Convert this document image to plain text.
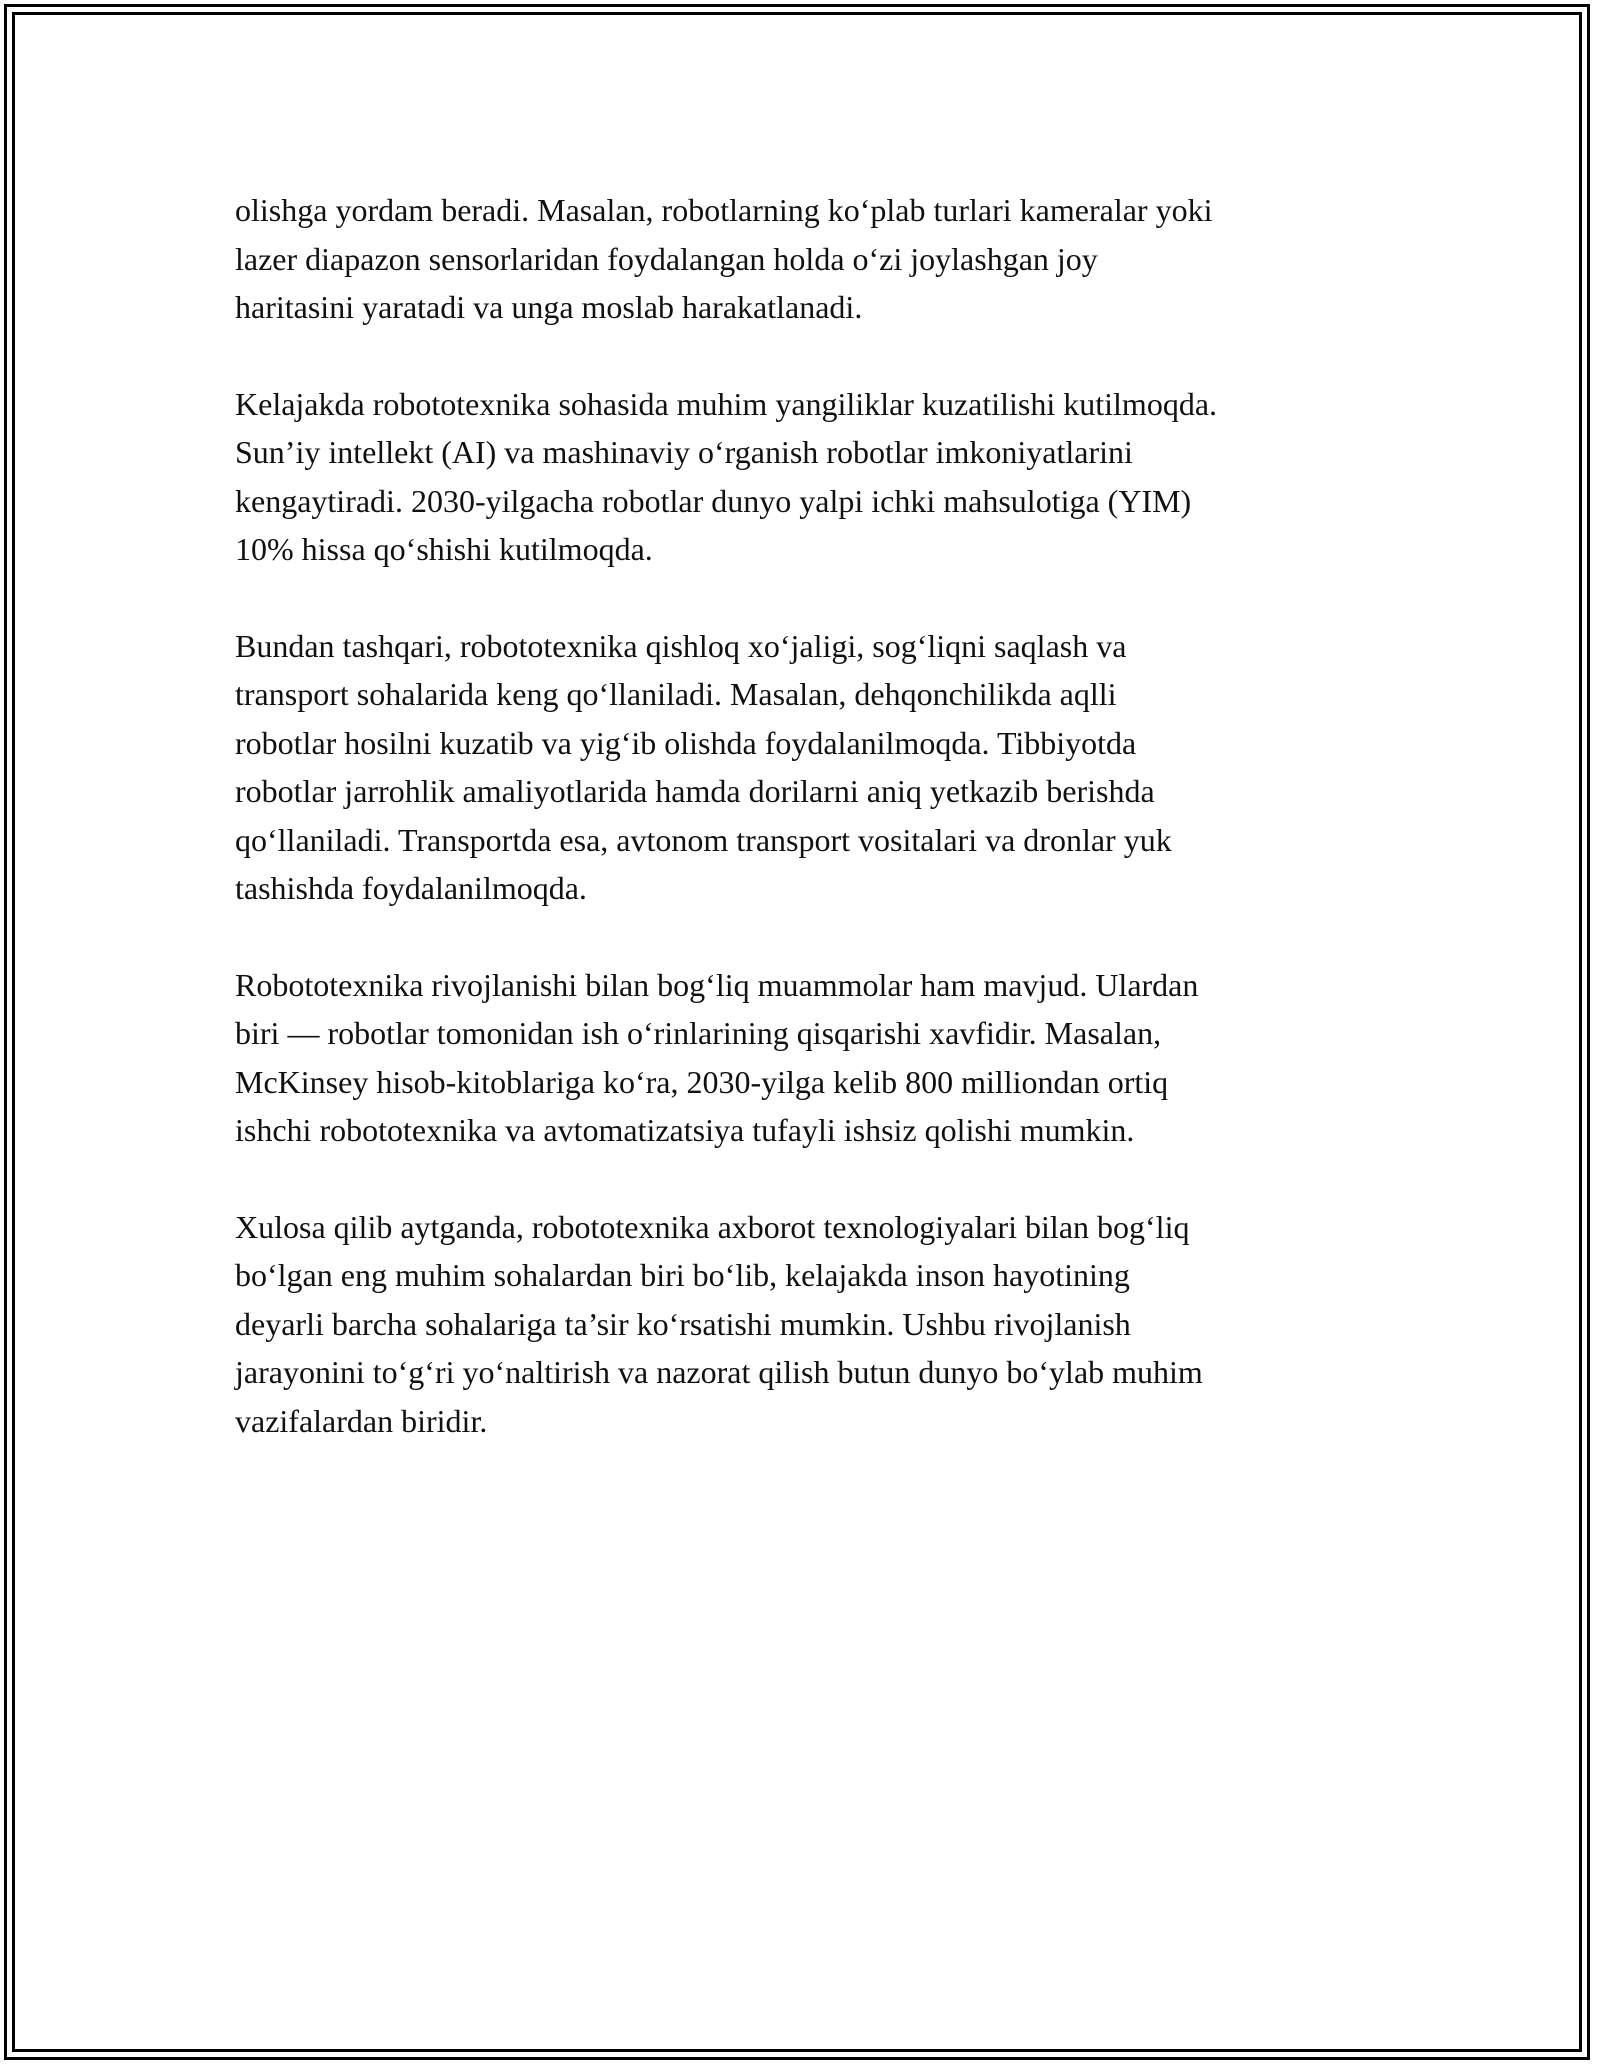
olishga yordam beradi. Masalan, robotlarning ko‘plab turlari kameralar yoki
lazer diapazon sensorlaridan foydalangan holda o‘zi joylashgan joy
haritasini yaratadi va unga moslab harakatlanadi.

Kelajakda robototexnika sohasida muhim yangiliklar kuzatilishi kutilmoqda.
Sun’iy intellekt (AI) va mashinaviy o‘rganish robotlar imkoniyatlarini
kengaytiradi. 2030-yilgacha robotlar dunyo yalpi ichki mahsulotiga (YIM)
10% hissa qo‘shishi kutilmoqda.

Bundan tashqari, robototexnika qishloq xo‘jaligi, sog‘liqni saqlash va
transport sohalarida keng qo‘llaniladi. Masalan, dehqonchilikda aqlli
robotlar hosilni kuzatib va yig‘ib olishda foydalanilmoqda. Tibbiyotda
robotlar jarrohlik amaliyotlarida hamda dorilarni aniq yetkazib berishda
qo‘llaniladi. Transportda esa, avtonom transport vositalari va dronlar yuk
tashishda foydalanilmoqda.

Robototexnika rivojlanishi bilan bog‘liq muammolar ham mavjud. Ulardan
biri — robotlar tomonidan ish o‘rinlarining qisqarishi xavfidir. Masalan,
McKinsey hisob-kitoblariga ko‘ra, 2030-yilga kelib 800 milliondan ortiq
ishchi robototexnika va avtomatizatsiya tufayli ishsiz qolishi mumkin.

Xulosa qilib aytganda, robototexnika axborot texnologiyalari bilan bog‘liq
bo‘lgan eng muhim sohalardan biri bo‘lib, kelajakda inson hayotining
deyarli barcha sohalariga ta’sir ko‘rsatishi mumkin. Ushbu rivojlanish
jarayonini to‘g‘ri yo‘naltirish va nazorat qilish butun dunyo bo‘ylab muhim
vazifalardan biridir.
